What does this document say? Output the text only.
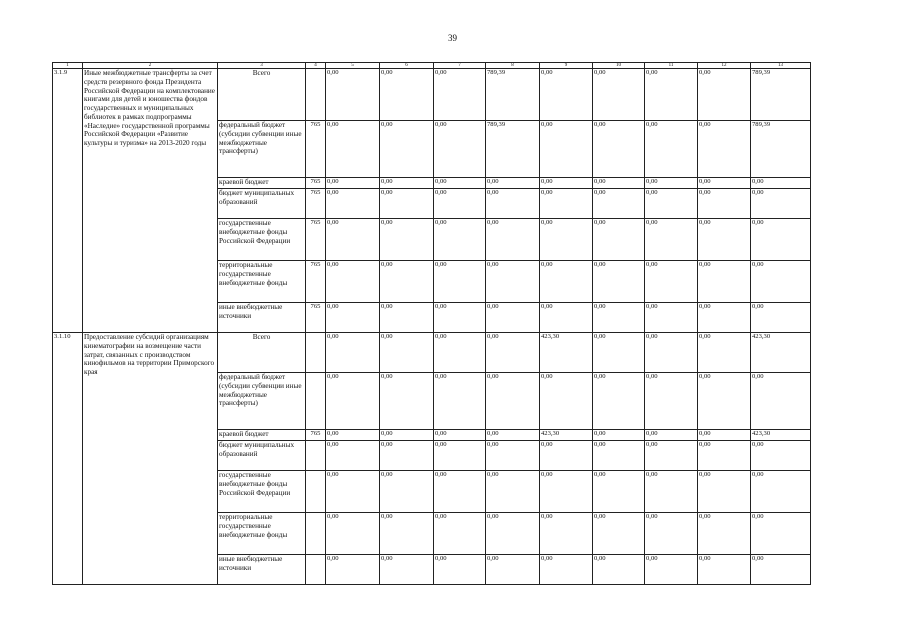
39
1	2	3	4	5	6	7	8	9	10	11	12	13
3.1.9	Иные межбюджетные трансферты за счет средств резервного фонда Президента Российской Федерации на комплектование книгами для детей и юношества фондов государственных и муниципальных библиотек в рамках подпрограммы «Наследие» государственной программы Российской Федерации «Развитие культуры и туризма» на 2013-2020 годы	Всего		0,00	0,00	0,00	789,39	0,00	0,00	0,00	0,00	789,39
		федеральный бюджет (субсидии субвенции иные межбюджетные трансферты)	765	0,00	0,00	0,00	789,39	0,00	0,00	0,00	0,00	789,39
		краевой бюджет	765	0,00	0,00	0,00	0,00	0,00	0,00	0,00	0,00	0,00
		бюджет муниципальных образований	765	0,00	0,00	0,00	0,00	0,00	0,00	0,00	0,00	0,00
		государственные внебюджетные фонды Российской Федерации	765	0,00	0,00	0,00	0,00	0,00	0,00	0,00	0,00	0,00
		территориальные государственные внебюджетные фонды	765	0,00	0,00	0,00	0,00	0,00	0,00	0,00	0,00	0,00
		иные внебюджетные источники	765	0,00	0,00	0,00	0,00	0,00	0,00	0,00	0,00	0,00
3.1.10	Предоставление субсидий организациям кинематографии на возмещение части затрат, связанных с производством кинофильмов на территории Приморского края	Всего		0,00	0,00	0,00	0,00	423,30	0,00	0,00	0,00	423,30
		федеральный бюджет (субсидии субвенции иные межбюджетные трансферты)		0,00	0,00	0,00	0,00	0,00	0,00	0,00	0,00	0,00
		краевой бюджет	765	0,00	0,00	0,00	0,00	423,30	0,00	0,00	0,00	423,30
		бюджет муниципальных образований		0,00	0,00	0,00	0,00	0,00	0,00	0,00	0,00	0,00
		государственные внебюджетные фонды Российской Федерации		0,00	0,00	0,00	0,00	0,00	0,00	0,00	0,00	0,00
		территориальные государственные внебюджетные фонды		0,00	0,00	0,00	0,00	0,00	0,00	0,00	0,00	0,00
		иные внебюджетные источники		0,00	0,00	0,00	0,00	0,00	0,00	0,00	0,00	0,00
